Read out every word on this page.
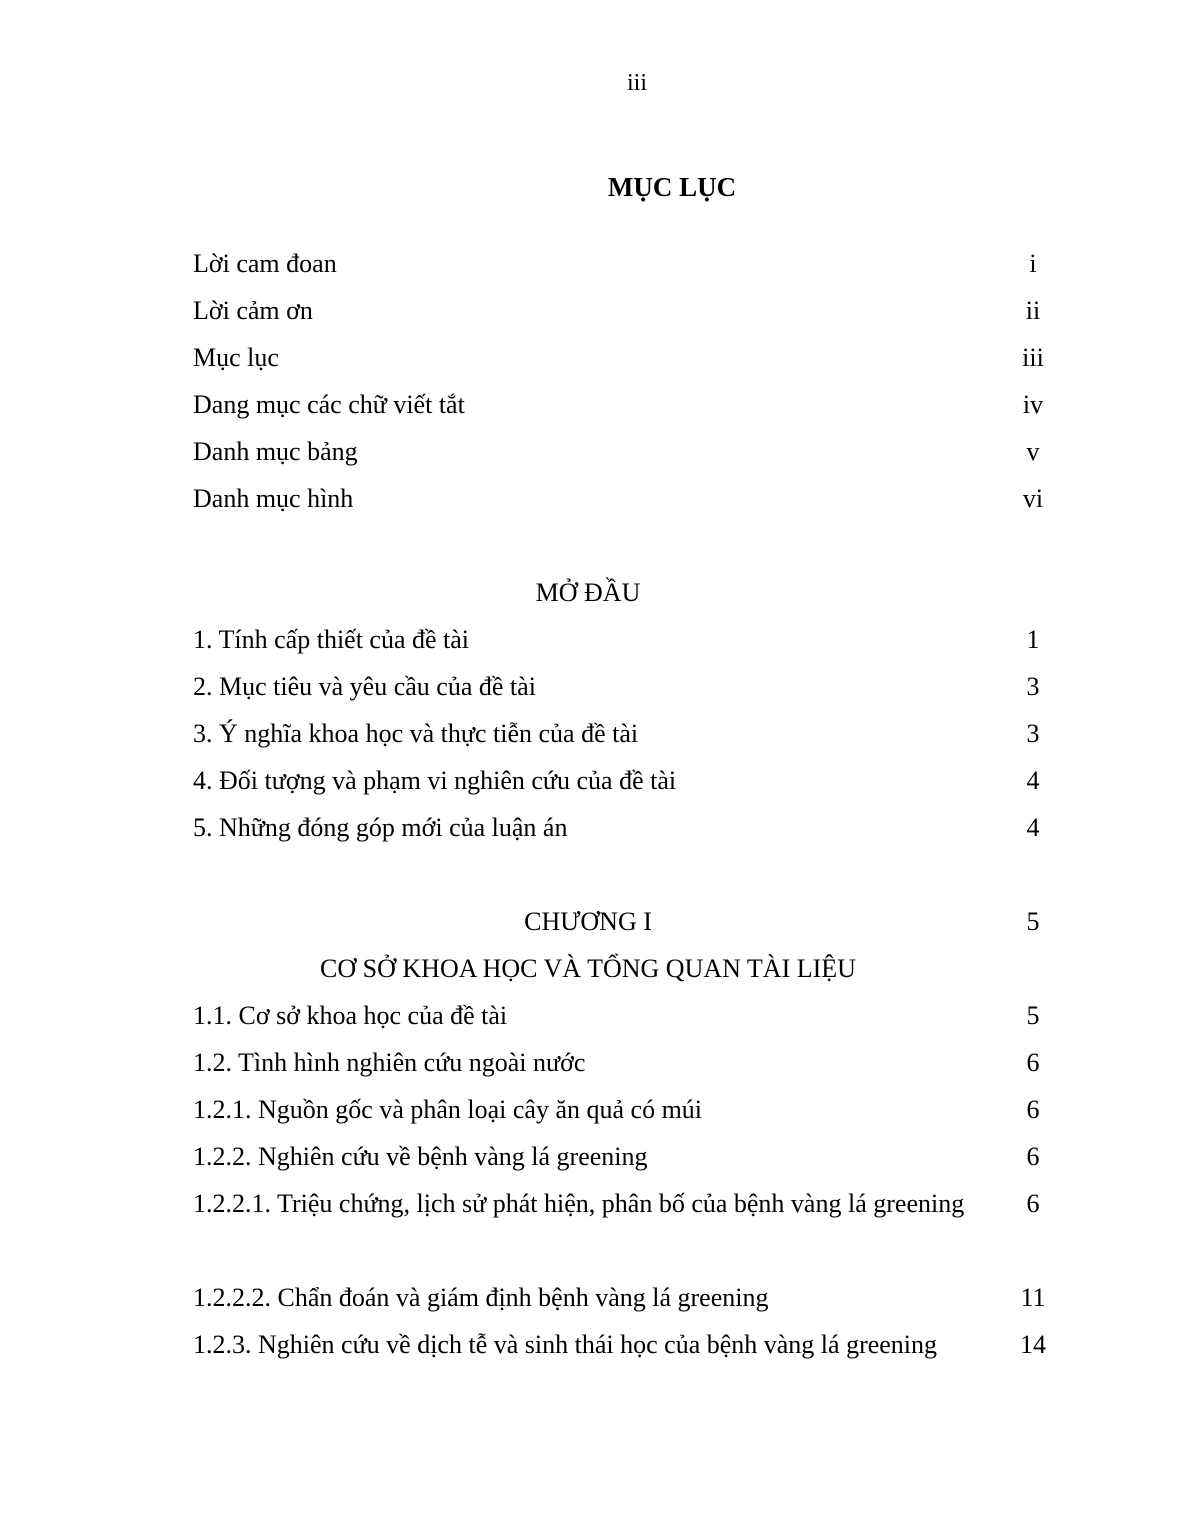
iii
MỤC LỤC
Lời cam đoan	i
Lời cảm ơn	ii
Mục lục	iii
Dang mục các chữ viết tắt	iv
Danh mục bảng	v
Danh mục hình	vi
MỞ ĐẦU
1. Tính cấp thiết của đề tài	1
2. Mục tiêu và yêu cầu của đề tài	3
3. Ý nghĩa khoa học và thực tiễn của đề tài	3
4. Đối tượng và phạm vi nghiên cứu của đề tài	4
5. Những đóng góp mới của luận án	4
CHƯƠNG I	5
CƠ SỞ KHOA HỌC VÀ TỔNG QUAN TÀI LIỆU
1.1. Cơ sở khoa học của đề tài	5
1.2. Tình hình nghiên cứu ngoài nước	6
1.2.1. Nguồn gốc và phân loại cây ăn quả có múi	6
1.2.2. Nghiên cứu về bệnh vàng lá greening	6
1.2.2.1. Triệu chứng, lịch sử phát hiện, phân bố của bệnh vàng lá greening	6
1.2.2.2. Chẩn đoán và giám định bệnh vàng lá greening	11
1.2.3. Nghiên cứu về dịch tễ và sinh thái học của bệnh vàng lá greening	14
